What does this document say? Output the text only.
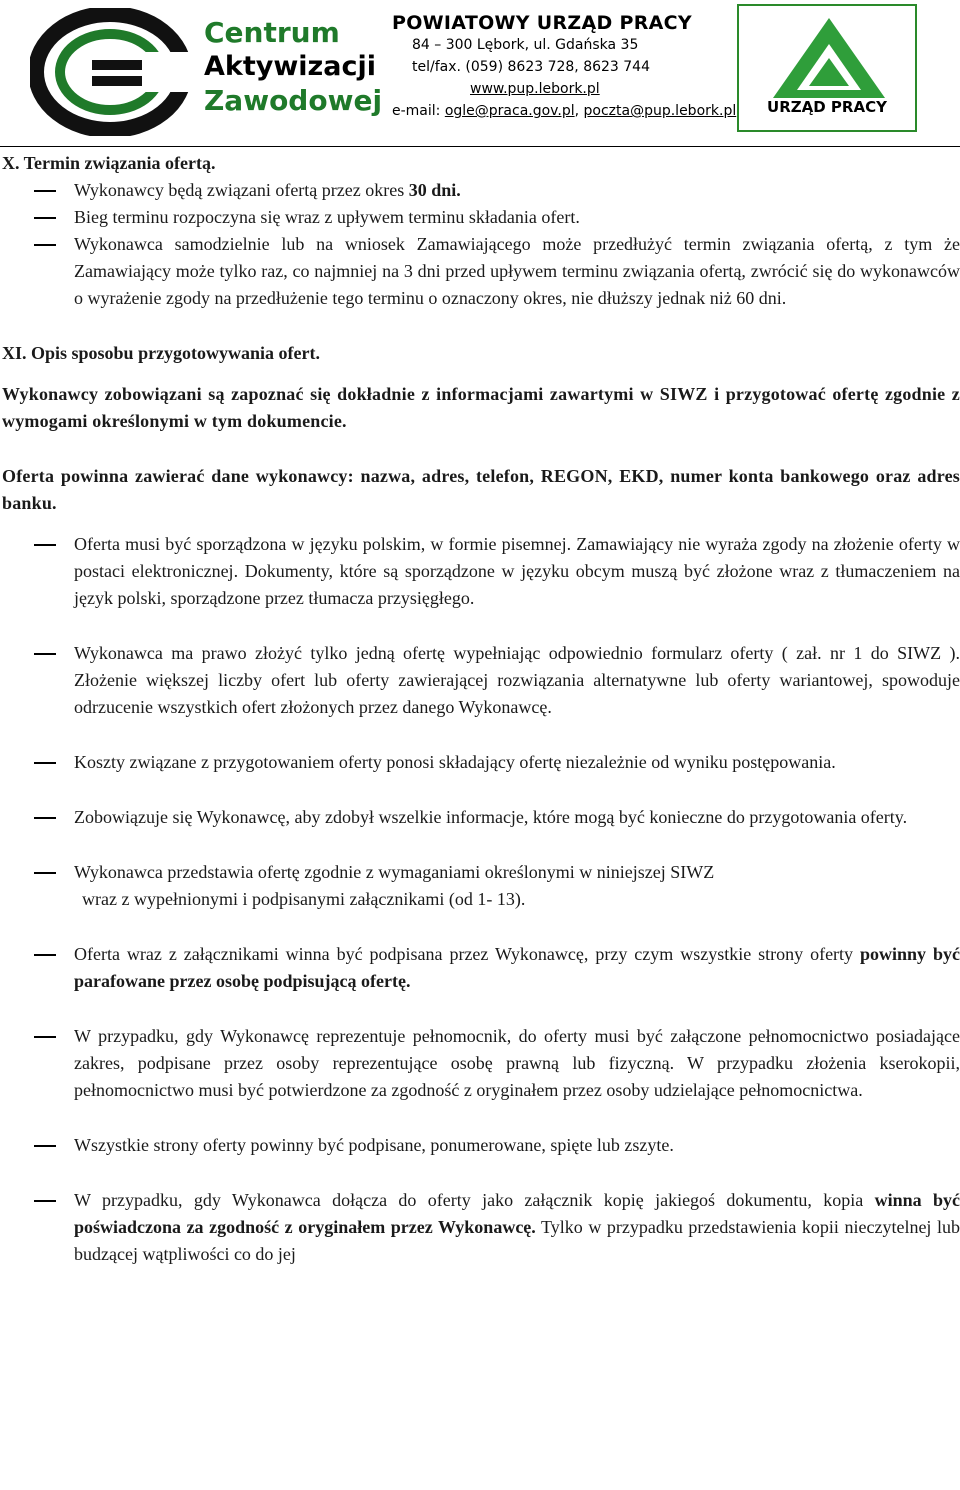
Centrum
Aktywizacji
Zawodowej
POWIATOWY URZĄD PRACY
84 – 300 Lębork, ul. Gdańska 35
tel/fax. (059) 8623 728, 8623 744
www.pup.lebork.pl
e-mail: ogle@praca.gov.pl, poczta@pup.lebork.pl	URZĄD PRACY
X. Termin związania ofertą.
Wykonawcy będą związani ofertą przez okres 30 dni.
Bieg terminu rozpoczyna się wraz z upływem terminu składania ofert.
Wykonawca samodzielnie lub na wniosek Zamawiającego może przedłużyć termin związania ofertą, z tym że Zamawiający może tylko raz, co najmniej na 3 dni przed upływem terminu związania ofertą, zwrócić się do wykonawców o wyrażenie zgody na przedłużenie tego terminu o oznaczony okres, nie dłuższy jednak niż 60 dni.
XI. Opis sposobu przygotowywania ofert.
Wykonawcy zobowiązani są zapoznać się dokładnie z informacjami zawartymi w SIWZ i przygotować ofertę zgodnie z wymogami określonymi w tym dokumencie.
Oferta powinna zawierać dane wykonawcy: nazwa, adres, telefon, REGON, EKD, numer konta bankowego oraz adres banku.
Oferta musi być sporządzona w języku polskim, w formie pisemnej. Zamawiający nie wyraża zgody na złożenie oferty w postaci elektronicznej. Dokumenty, które są sporządzone w języku obcym muszą być złożone wraz z tłumaczeniem na język polski, sporządzone przez tłumacza przysięgłego.
Wykonawca ma prawo złożyć tylko jedną ofertę wypełniając odpowiednio formularz oferty ( zał. nr 1 do SIWZ ). Złożenie większej liczby ofert lub oferty zawierającej rozwiązania alternatywne lub oferty wariantowej, spowoduje odrzucenie wszystkich ofert złożonych przez danego Wykonawcę.
Koszty związane z przygotowaniem oferty ponosi składający ofertę niezależnie od wyniku postępowania.
Zobowiązuje się Wykonawcę, aby zdobył wszelkie informacje, które mogą być konieczne do przygotowania oferty.
Wykonawca przedstawia ofertę zgodnie z wymaganiami określonymi w niniejszej SIWZ
wraz z wypełnionymi i podpisanymi załącznikami (od 1- 13).
Oferta wraz z załącznikami winna być podpisana przez Wykonawcę, przy czym wszystkie strony oferty powinny być parafowane przez osobę podpisującą ofertę.
W przypadku, gdy Wykonawcę reprezentuje pełnomocnik, do oferty musi być załączone pełnomocnictwo posiadające zakres, podpisane przez osoby reprezentujące osobę prawną lub fizyczną. W przypadku złożenia kserokopii, pełnomocnictwo musi być potwierdzone za zgodność z oryginałem przez osoby udzielające pełnomocnictwa.
Wszystkie strony oferty powinny być podpisane, ponumerowane, spięte lub zszyte.
W przypadku, gdy Wykonawca dołącza do oferty jako załącznik kopię jakiegoś dokumentu, kopia winna być poświadczona za zgodność z oryginałem przez Wykonawcę. Tylko w przypadku przedstawienia kopii nieczytelnej lub budzącej wątpliwości co do jej
